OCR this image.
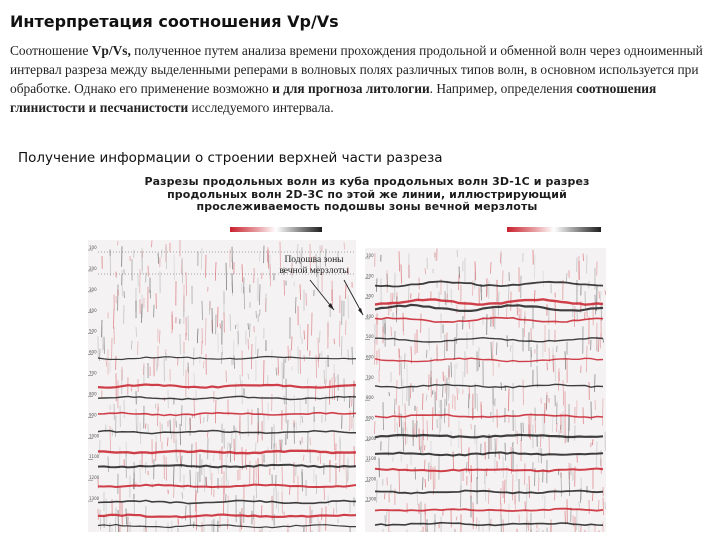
Интерпретация соотношения Vp/Vs
Соотношение Vp/Vs, полученное путем анализа времени прохождения продольной и обменной волн через одноименный интервал разреза между выделенными реперами в волновых полях различных типов волн, в основном используется при обработке. Однако его применение возможно и для прогноза литологии. Например, определения соотношения глинистости и песчанистости исследуемого интервала.
Получение информации о строении верхней части разреза
Разрезы продольных волн из куба продольных волн 3D-1С и разрез продольных волн 2D-3С по этой же линии, иллюстрирующий прослеживаемость подошвы зоны вечной мерзлоты
100
200
300
400
500
600
700
800
900
1000
1100
1200
1300
100
200
300
400
500
600
700
800
900
1000
1100
1200
1300
Подошва зоны
вечной мерзлоты
